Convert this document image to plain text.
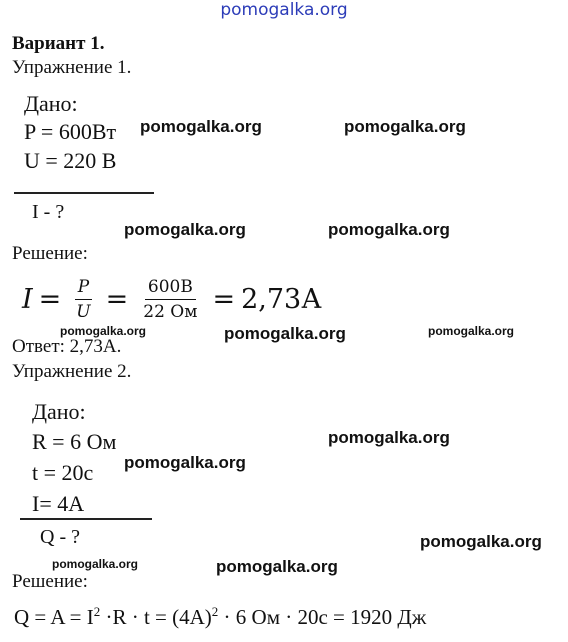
pomogalka.org
Вариант 1.
Упражнение 1.
Дано:
P = 600Вт
U = 220 В
I - ?
Решение:
$I = \frac{P}{U} = \frac{600В}{22 Ом} = 2,73А$
Ответ: 2,73А.
Упражнение 2.
Дано:
R = 6 Ом
t = 20с
I= 4А
Q - ?
Решение:
$Q = A = I^2 \cdot R \cdot t = (4А)^2 \cdot 6$ Ом · 20с = 1920 Дж
pomogalka.org	pomogalka.org
pomogalka.org	pomogalka.org
pomogalka.org	pomogalka.org	pomogalka.org
pomogalka.org
pomogalka.org
pomogalka.org
pomogalka.org	pomogalka.org
